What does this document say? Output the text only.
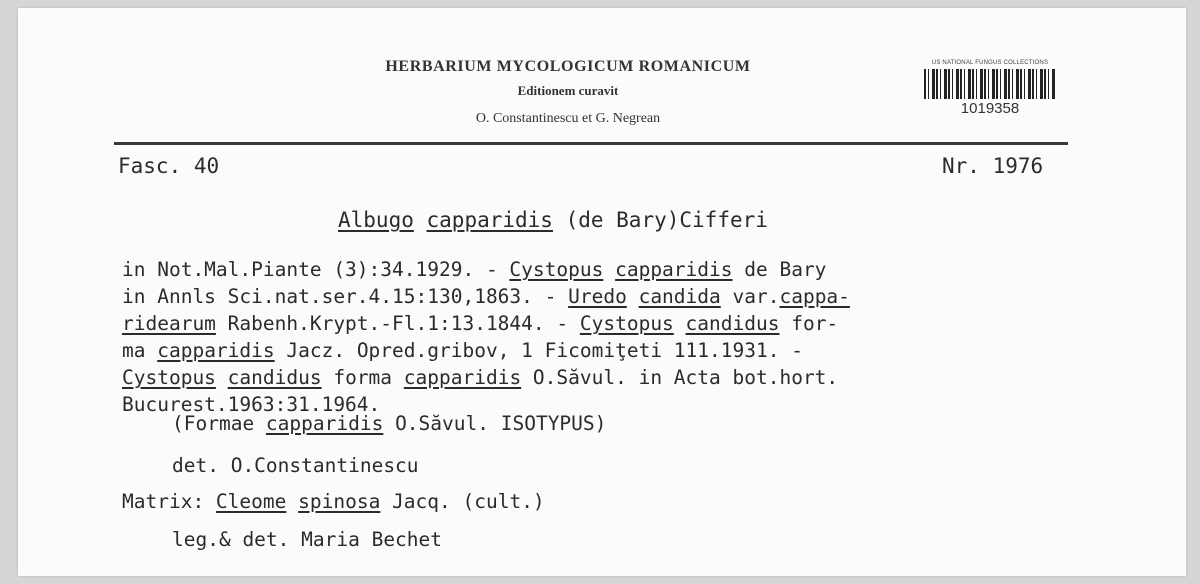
HERBARIUM MYCOLOGICUM ROMANICUM
Editionem curavit
O. Constantinescu et G. Negrean
US NATIONAL FUNGUS COLLECTIONS
1019358
Fasc. 40	Nr. 1976
Albugo capparidis (de Bary)Cifferi
in Not.Mal.Piante (3):34.1929. - Cystopus capparidis de Bary
in Annls Sci.nat.ser.4.15:130,1863. - Uredo candida var.cappa-
ridearum Rabenh.Krypt.-Fl.1:13.1844. - Cystopus candidus for-
ma capparidis Jacz. Opred.gribov, 1 Ficomiţeti 111.1931. -
Cystopus candidus forma capparidis O.Săvul. in Acta bot.hort.
Bucurest.1963:31.1964.
(Formae capparidis O.Săvul. ISOTYPUS)
det. O.Constantinescu
Matrix: Cleome spinosa Jacq. (cult.)
leg.& det. Maria Bechet
